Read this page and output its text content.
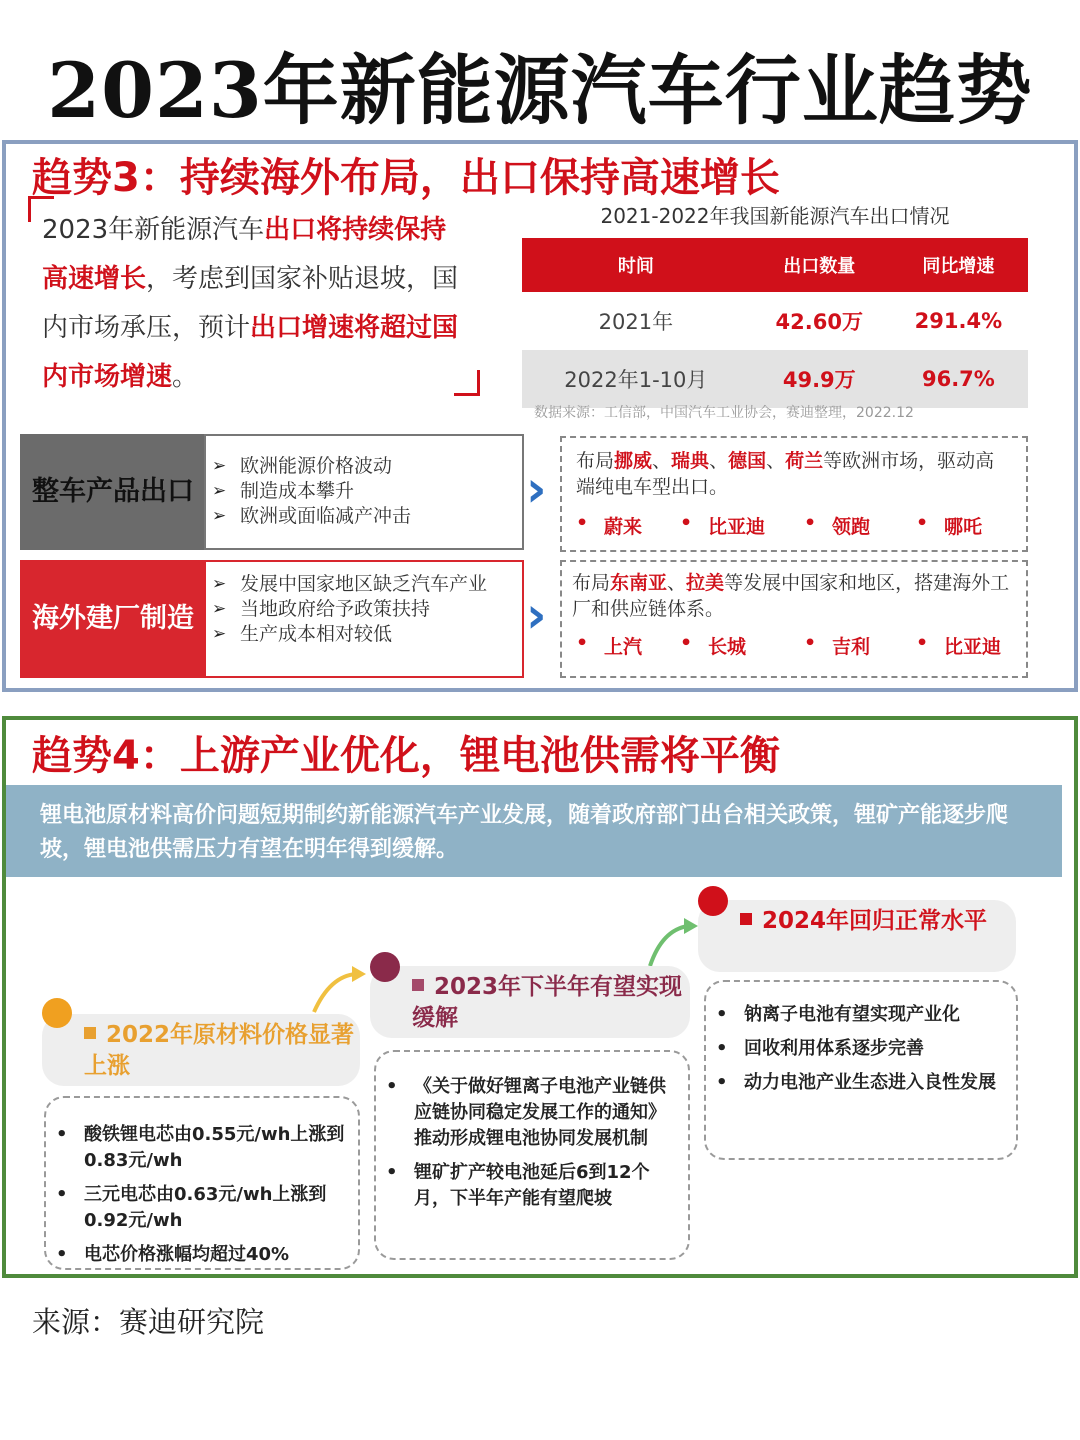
2023年新能源汽车行业趋势
趋势3：持续海外布局，出口保持高速增长
2023年新能源汽车出口将持续保持高速增长，考虑到国家补贴退坡，国内市场承压，预计出口增速将超过国内市场增速。
2021-2022年我国新能源汽车出口情况
时间	出口数量	同比增速
2021年	42.60万	291.4%
2022年1-10月	49.9万	96.7%
数据来源：工信部，中国汽车工业协会，赛迪整理，2022.12
整车产品出口
➢ 欧洲能源价格波动
➢ 制造成本攀升
➢ 欧洲或面临减产冲击	›	布局挪威、瑞典、德国、荷兰等欧洲市场，驱动高端纯电车型出口。
• 蔚来	• 比亚迪	• 领跑	• 哪吒
海外建厂制造
➢ 发展中国家地区缺乏汽车产业
➢ 当地政府给予政策扶持
➢ 生产成本相对较低	›
布局东南亚、拉美等发展中国家和地区，搭建海外工厂和供应链体系。
• 上汽	• 长城	• 吉利	• 比亚迪
趋势4：上游产业优化，锂电池供需将平衡
锂电池原材料高价问题短期制约新能源汽车产业发展，随着政府部门出台相关政策，锂矿产能逐步爬坡，锂电池供需压力有望在明年得到缓解。
2022年原材料价格显著上涨
• 酸铁锂电芯由0.55元/wh上涨到0.83元/wh
• 三元电芯由0.63元/wh上涨到0.92元/wh
• 电芯价格涨幅均超过40%
2023年下半年有望实现缓解
• 《关于做好锂离子电池产业链供应链协同稳定发展工作的通知》推动形成锂电池协同发展机制
• 锂矿扩产较电池延后6到12个月，下半年产能有望爬坡
2024年回归正常水平
• 钠离子电池有望实现产业化
• 回收利用体系逐步完善
• 动力电池产业生态进入良性发展
来源：赛迪研究院
